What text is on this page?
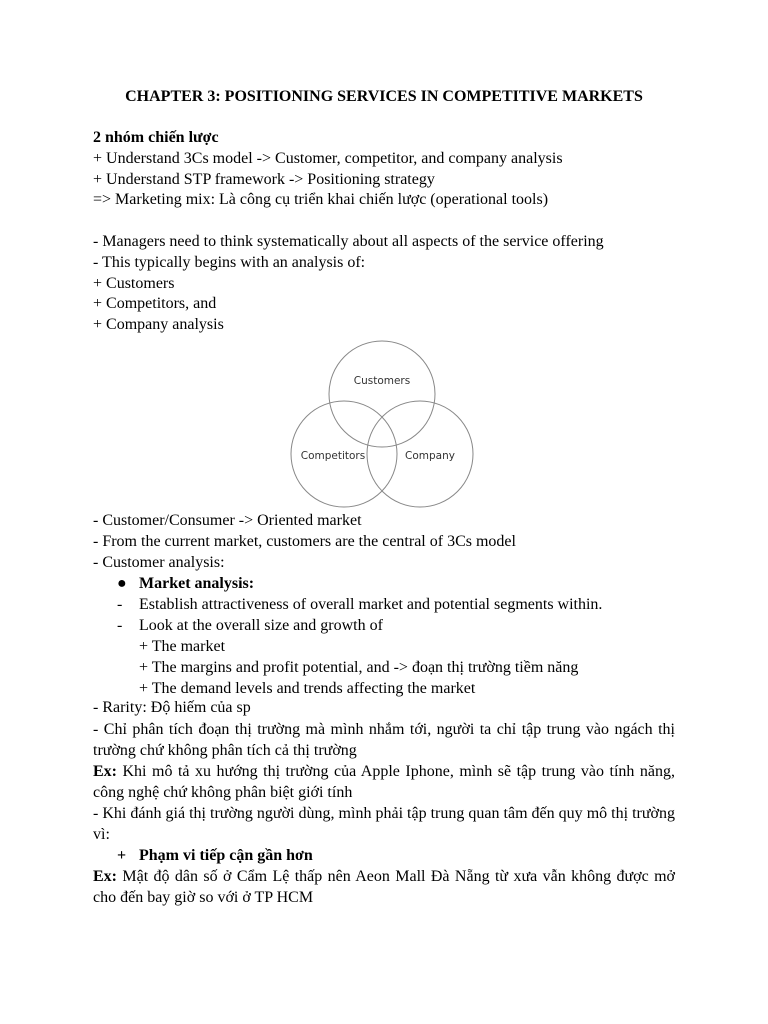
CHAPTER 3: POSITIONING SERVICES IN COMPETITIVE MARKETS
2 nhóm chiến lược
+ Understand 3Cs model -> Customer, competitor, and company analysis
+ Understand STP framework -> Positioning strategy
=> Marketing mix: Là công cụ triển khai chiến lược (operational tools)
- Managers need to think systematically about all aspects of the service offering
- This typically begins with an analysis of:
+ Customers
+ Competitors, and
+ Company analysis
Customers
Competitors	Company
- Customer/Consumer -> Oriented market
- From the current market, customers are the central of 3Cs model
- Customer analysis:
● Market analysis:
- Establish attractiveness of overall market and potential segments within.
- Look at the overall size and growth of
+ The market
+ The margins and profit potential, and -> đoạn thị trường tiềm năng
+ The demand levels and trends affecting the market
- Rarity: Độ hiếm của sp
- Chỉ phân tích đoạn thị trường mà mình nhắm tới, người ta chỉ tập trung vào ngách thị trường chứ không phân tích cả thị trường
Ex: Khi mô tả xu hướng thị trường của Apple Iphone, mình sẽ tập trung vào tính năng, công nghệ chứ không phân biệt giới tính
- Khi đánh giá thị trường người dùng, mình phải tập trung quan tâm đến quy mô thị trường vì:
+ Phạm vi tiếp cận gần hơn
Ex: Mật độ dân số ở Cẩm Lệ thấp nên Aeon Mall Đà Nẵng từ xưa vẫn không được mở cho đến bay giờ so với ở TP HCM
